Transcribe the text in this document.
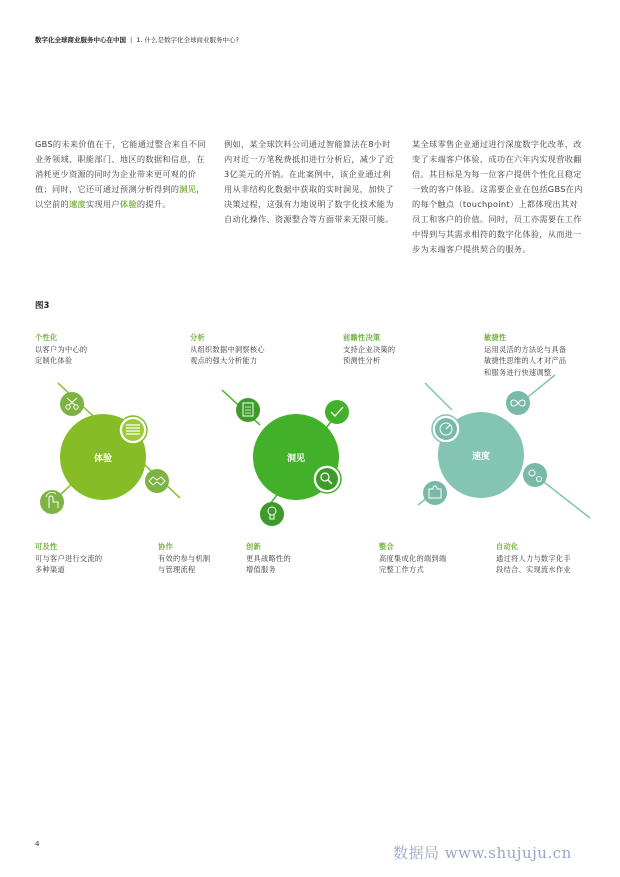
数字化全球商业服务中心在中国 | 1. 什么是数字化全球商业服务中心?

GBS的未来价值在于，它能通过整合来自不同业务领域、职能部门、地区的数据和信息，在消耗更少资源的同时为企业带来更可观的价值；同时，它还可通过预测分析得到的洞见，以空前的速度实现用户体验的提升。

例如，某全球饮料公司通过智能算法在8小时内对近一万笔税费抵扣进行分析后，减少了近3亿美元的开销。在此案例中，该企业通过利用从非结构化数据中获取的实时洞见，加快了决策过程，这强有力地说明了数字化技术能为自动化操作、资源整合等方面带来无限可能。

某全球零售企业通过进行深度数字化改革，改变了末端客户体验，成功在六年内实现营收翻倍。其目标是为每一位客户提供个性化且稳定一致的客户体验。这需要企业在包括GBS在内的每个触点（touchpoint）上都体现出其对员工和客户的价值。同时，员工亦需要在工作中得到与其需求相符的数字化体验，从而进一步为末端客户提供契合的服务。

图3
个性化
以客户为中心的
定制化体验
分析
从组织数据中洞察核心
观点的强大分析能力
前瞻性决策
支持企业决策的
预测性分析
敏捷性
运用灵活的方法论与具备
敏捷性思维的人才对产品
和服务进行快速调整
体验	洞见	速度
可及性
可与客户进行交流的
多种渠道
协作
有效的参与机制
与管理流程
创新
更具战略性的
增值服务
整合
高度集成化的端到端
完整工作方式
自动化
通过将人力与数字化手
段结合、实现流水作业
4	数据局 www.shujuju.cn
